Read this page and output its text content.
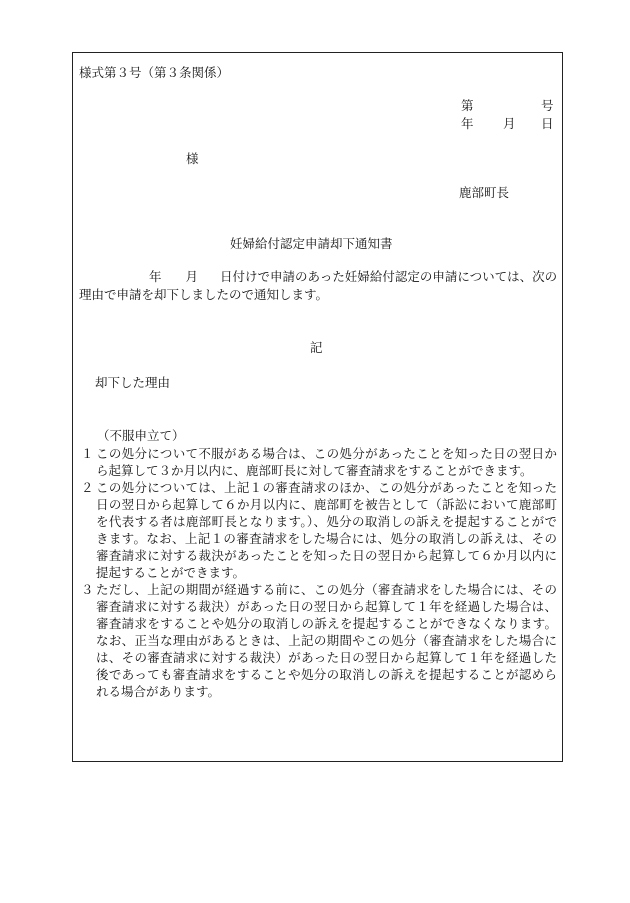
様式第３号（第３条関係）
第	号
年 月 日
様
鹿部町長
妊婦給付認定申請却下通知書
年 月 日付けで申請のあった妊婦給付認定の申請については、次の理由で申請を却下しましたので通知します。
記
却下した理由
（不服申立て）
１ この処分について不服がある場合は、この処分があったことを知った日の翌日から起算して３か月以内に、鹿部町長に対して審査請求をすることができます。
２ この処分については、上記１の審査請求のほか、この処分があったことを知った日の翌日から起算して６か月以内に、鹿部町を被告として（訴訟において鹿部町を代表する者は鹿部町長となります。）、処分の取消しの訴えを提起することができます。なお、上記１の審査請求をした場合には、処分の取消しの訴えは、その審査請求に対する裁決があったことを知った日の翌日から起算して６か月以内に提起することができます。
３ ただし、上記の期間が経過する前に、この処分（審査請求をした場合には、その審査請求に対する裁決）があった日の翌日から起算して１年を経過した場合は、審査請求をすることや処分の取消しの訴えを提起することができなくなります。なお、正当な理由があるときは、上記の期間やこの処分（審査請求をした場合には、その審査請求に対する裁決）があった日の翌日から起算して１年を経過した後であっても審査請求をすることや処分の取消しの訴えを提起することが認められる場合があります。
